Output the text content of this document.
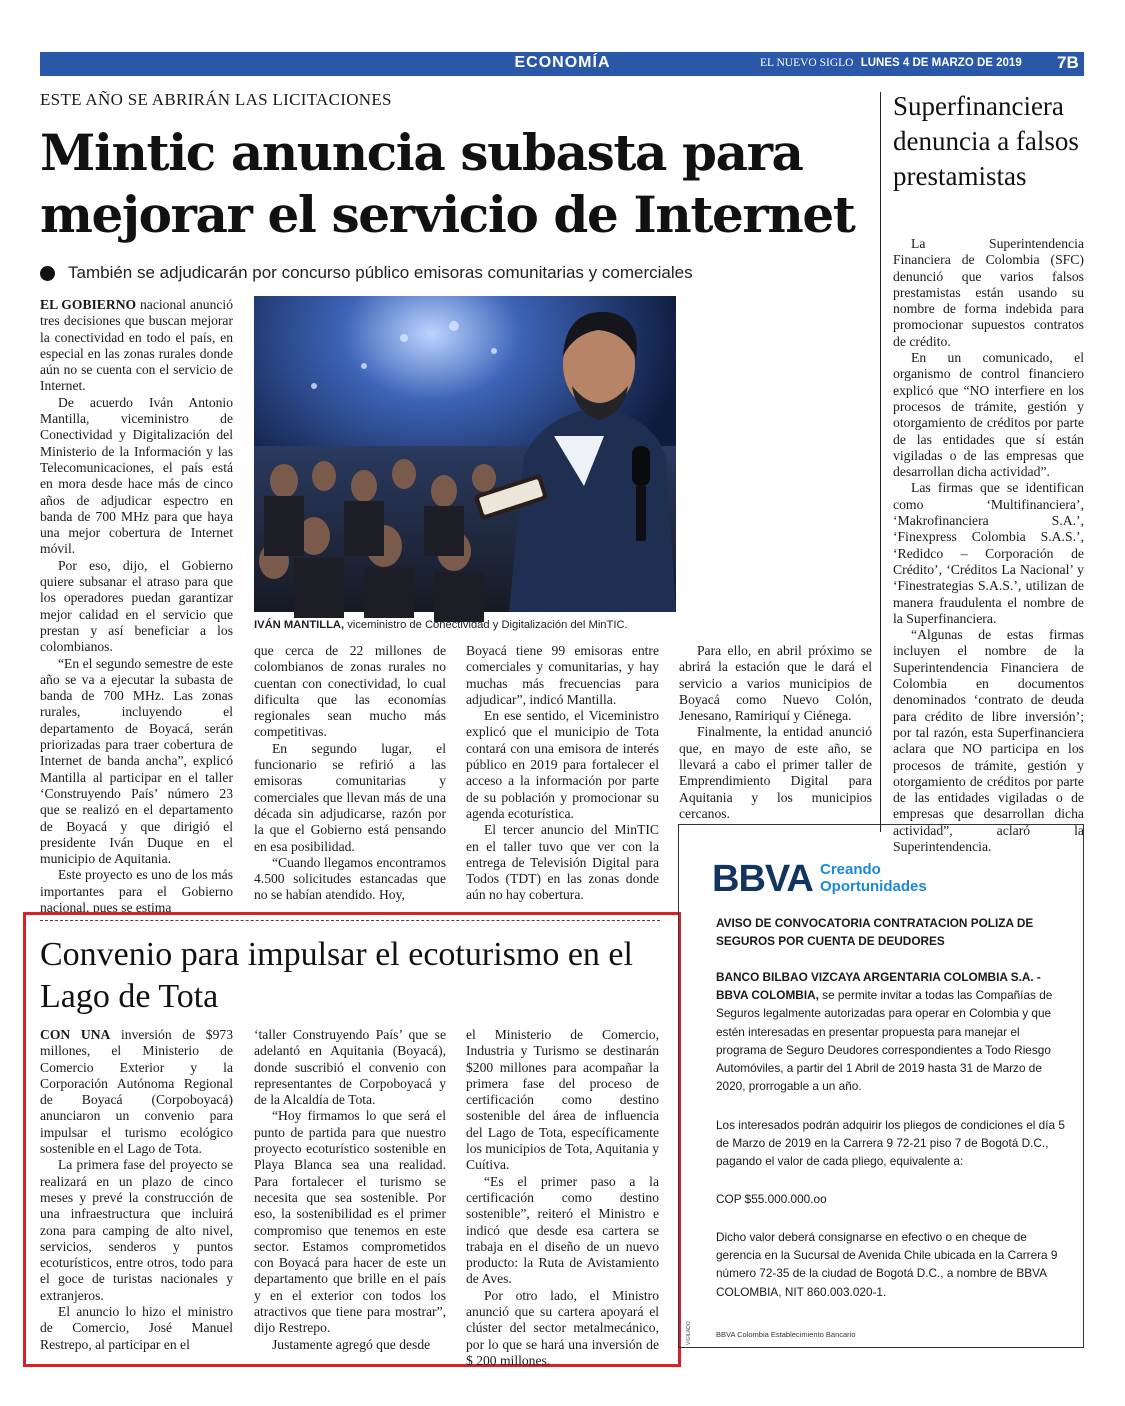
ECONOMÍA	EL NUEVO SIGLO LUNES 4 DE MARZO DE 2019 7B
ESTE AÑO SE ABRIRÁN LAS LICITACIONES
Mintic anuncia subasta para mejorar el servicio de Internet
También se adjudicarán por concurso público emisoras comunitarias y comerciales

EL GOBIERNO nacional anunció tres decisiones que buscan mejorar la conectividad en todo el país, en especial en las zonas rurales donde aún no se cuenta con el servicio de Internet.

De acuerdo Iván Antonio Mantilla, viceministro de Conectividad y Digitalización del Ministerio de la Información y las Telecomunicaciones, el país está en mora desde hace más de cinco años de adjudicar espectro en banda de 700 MHz para que haya una mejor cobertura de Internet móvil.

Por eso, dijo, el Gobierno quiere subsanar el atraso para que los operadores puedan garantizar mejor calidad en el servicio que prestan y así beneficiar a los colombianos.

“En el segundo semestre de este año se va a ejecutar la subasta de banda de 700 MHz. Las zonas rurales, incluyendo el departamento de Boyacá, serán priorizadas para traer cobertura de Internet de banda ancha”, explicó Mantilla al participar en el taller ‘Construyendo País’ número 23 que se realizó en el departamento de Boyacá y que dirigió el presidente Iván Duque en el municipio de Aquitania.

Este proyecto es uno de los más importantes para el Gobierno nacional, pues se estima

IVÁN MANTILLA, viceministro de Conectividad y Digitalización del MinTIC.

que cerca de 22 millones de colombianos de zonas rurales no cuentan con conectividad, lo cual dificulta que las economías regionales sean mucho más competitivas.

En segundo lugar, el funcionario se refirió a las emisoras comunitarias y comerciales que llevan más de una década sin adjudicarse, razón por la que el Gobierno está pensando en esa posibilidad.

“Cuando llegamos encontramos 4.500 solicitudes estancadas que no se habían atendido. Hoy,

Boyacá tiene 99 emisoras entre comerciales y comunitarias, y hay muchas más frecuencias para adjudicar”, indicó Mantilla.

En ese sentido, el Viceministro explicó que el municipio de Tota contará con una emisora de interés público en 2019 para fortalecer el acceso a la información por parte de su población y promocionar su agenda ecoturística.

El tercer anuncio del MinTIC en el taller tuvo que ver con la entrega de Televisión Digital para Todos (TDT) en las zonas donde aún no hay cobertura.

Para ello, en abril próximo se abrirá la estación que le dará el servicio a varios municipios de Boyacá como Nuevo Colón, Jenesano, Ramiriquí y Ciénega.

Finalmente, la entidad anunció que, en mayo de este año, se llevará a cabo el primer taller de Emprendimiento Digital para Aquitania y los municipios cercanos.

Superfinanciera denuncia a falsos prestamistas

La Superintendencia Financiera de Colombia (SFC) denunció que varios falsos prestamistas están usando su nombre de forma indebida para promocionar supuestos contratos de crédito.

En un comunicado, el organismo de control financiero explicó que “NO interfiere en los procesos de trámite, gestión y otorgamiento de créditos por parte de las entidades que sí están vigiladas o de las empresas que desarrollan dicha actividad”.

Las firmas que se identifican como ‘Multifinanciera’, ‘Makrofinanciera S.A.’, ‘Finexpress Colombia S.A.S.’, ‘Redidco – Corporación de Crédito’, ‘Créditos La Nacional’ y ‘Finestrategias S.A.S.’, utilizan de manera fraudulenta el nombre de la Superfinanciera.

“Algunas de estas firmas incluyen el nombre de la Superintendencia Financiera de Colombia en documentos denominados ‘contrato de deuda para crédito de libre inversión’; por tal razón, esta Superfinanciera aclara que NO participa en los procesos de trámite, gestión y otorgamiento de créditos por parte de las entidades vigiladas o de empresas que desarrollan dicha actividad”, aclaró la Superintendencia.

Convenio para impulsar el ecoturismo en el Lago de Tota

CON UNA inversión de $973 millones, el Ministerio de Comercio Exterior y la Corporación Autónoma Regional de Boyacá (Corpoboyacá) anunciaron un convenio para impulsar el turismo ecológico sostenible en el Lago de Tota.

La primera fase del proyecto se realizará en un plazo de cinco meses y prevé la construcción de una infraestructura que incluirá zona para camping de alto nivel, servicios, senderos y puntos ecoturísticos, entre otros, todo para el goce de turistas nacionales y extranjeros.

El anuncio lo hizo el ministro de Comercio, José Manuel Restrepo, al participar en el

‘taller Construyendo País’ que se adelantó en Aquitania (Boyacá), donde suscribió el convenio con representantes de Corpoboyacá y de la Alcaldía de Tota.

“Hoy firmamos lo que será el punto de partida para que nuestro proyecto ecoturístico sostenible en Playa Blanca sea una realidad. Para fortalecer el turismo se necesita que sea sostenible. Por eso, la sostenibilidad es el primer compromiso que tenemos en este sector. Estamos comprometidos con Boyacá para hacer de este un departamento que brille en el país y en el exterior con todos los atractivos que tiene para mostrar”, dijo Restrepo.

Justamente agregó que desde

el Ministerio de Comercio, Industria y Turismo se destinarán $200 millones para acompañar la primera fase del proceso de certificación como destino sostenible del área de influencia del Lago de Tota, específicamente los municipios de Tota, Aquitania y Cuítiva.

“Es el primer paso a la certificación como destino sostenible”, reiteró el Ministro e indicó que desde esa cartera se trabaja en el diseño de un nuevo producto: la Ruta de Avistamiento de Aves.

Por otro lado, el Ministro anunció que su cartera apoyará el clúster del sector metalmecánico, por lo que se hará una inversión de $ 200 millones.

VIGILADO
BBVA Creando
Oportunidades
AVISO DE CONVOCATORIA CONTRATACION POLIZA DE SEGUROS POR CUENTA DE DEUDORES
BANCO BILBAO VIZCAYA ARGENTARIA COLOMBIA S.A. - BBVA COLOMBIA, se permite invitar a todas las Compañías de Seguros legalmente autorizadas para operar en Colombia y que estén interesadas en presentar propuesta para manejar el programa de Seguro Deudores correspondientes a Todo Riesgo Automóviles, a partir del 1 Abril de 2019 hasta 31 de Marzo de 2020, prorrogable a un año.
Los interesados podrán adquirir los pliegos de condiciones el día 5 de Marzo de 2019 en la Carrera 9 72-21 piso 7 de Bogotá D.C., pagando el valor de cada pliego, equivalente a:
COP $55.000.000.oo
Dicho valor deberá consignarse en efectivo o en cheque de gerencia en la Sucursal de Avenida Chile ubicada en la Carrera 9 número 72-35 de la ciudad de Bogotá D.C., a nombre de BBVA COLOMBIA, NIT 860.003.020-1.
BBVA Colombia Establecimiento Bancario
